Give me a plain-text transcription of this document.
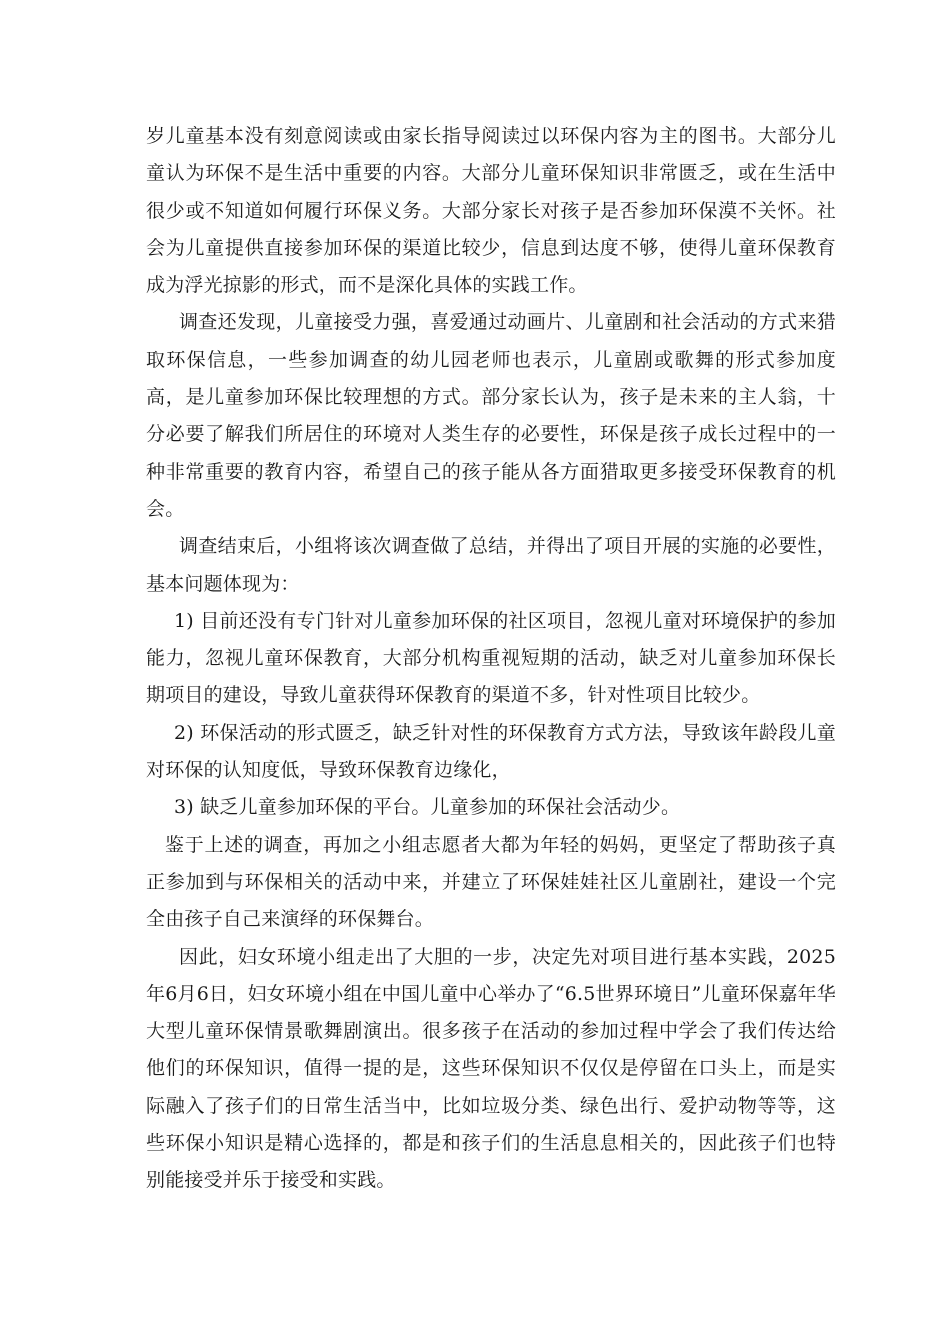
岁儿童基本没有刻意阅读或由家长指导阅读过以环保内容为主的图书。大部分儿童认为环保不是生活中重要的内容。大部分儿童环保知识非常匮乏，或在生活中很少或不知道如何履行环保义务。大部分家长对孩子是否参加环保漠不关怀。社会为儿童提供直接参加环保的渠道比较少，信息到达度不够，使得儿童环保教育成为浮光掠影的形式，而不是深化具体的实践工作。

调查还发现，儿童接受力强，喜爱通过动画片、儿童剧和社会活动的方式来猎取环保信息，一些参加调查的幼儿园老师也表示，儿童剧或歌舞的形式参加度高，是儿童参加环保比较理想的方式。部分家长认为，孩子是未来的主人翁，十分必要了解我们所居住的环境对人类生存的必要性，环保是孩子成长过程中的一种非常重要的教育内容，希望自己的孩子能从各方面猎取更多接受环保教育的机会。

调查结束后，小组将该次调查做了总结，并得出了项目开展的实施的必要性，基本问题体现为：

1) 目前还没有专门针对儿童参加环保的社区项目，忽视儿童对环境保护的参加能力，忽视儿童环保教育，大部分机构重视短期的活动，缺乏对儿童参加环保长期项目的建设，导致儿童获得环保教育的渠道不多，针对性项目比较少。

2) 环保活动的形式匮乏，缺乏针对性的环保教育方式方法，导致该年龄段儿童对环保的认知度低，导致环保教育边缘化，

3) 缺乏儿童参加环保的平台。儿童参加的环保社会活动少。

鉴于上述的调查，再加之小组志愿者大都为年轻的妈妈，更坚定了帮助孩子真正参加到与环保相关的活动中来，并建立了环保娃娃社区儿童剧社，建设一个完全由孩子自己来演绎的环保舞台。

因此，妇女环境小组走出了大胆的一步，决定先对项目进行基本实践，2025年6月6日，妇女环境小组在中国儿童中心举办了“6.5世界环境日”儿童环保嘉年华大型儿童环保情景歌舞剧演出。很多孩子在活动的参加过程中学会了我们传达给他们的环保知识，值得一提的是，这些环保知识不仅仅是停留在口头上，而是实际融入了孩子们的日常生活当中，比如垃圾分类、绿色出行、爱护动物等等，这些环保小知识是精心选择的，都是和孩子们的生活息息相关的，因此孩子们也特别能接受并乐于接受和实践。
